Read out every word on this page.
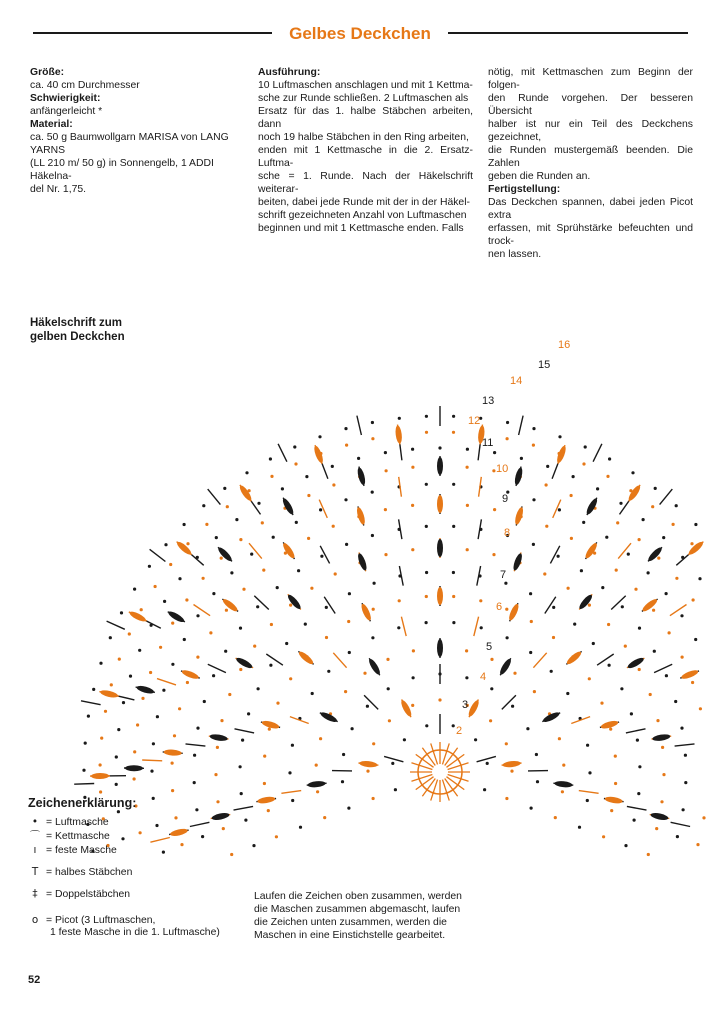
Gelbes Deckchen
Größe:
ca. 40 cm Durchmesser
Schwierigkeit:
anfängerleicht *
Material:
ca. 50 g Baumwollgarn MARISA von LANG YARNS
(LL 210 m/ 50 g) in Sonnengelb, 1 ADDI Häkelna-
del Nr. 1,75.
Ausführung:
10 Luftmaschen anschlagen und mit 1 Kettma-
sche zur Runde schließen. 2 Luftmaschen als
Ersatz für das 1. halbe Stäbchen arbeiten, dann
noch 19 halbe Stäbchen in den Ring arbeiten,
enden mit 1 Kettmasche in die 2. Ersatz-Luftma-
sche = 1. Runde. Nach der Häkelschrift weiterar-
beiten, dabei jede Runde mit der in der Häkel-
schrift gezeichneten Anzahl von Luftmaschen
beginnen und mit 1 Kettmasche enden. Falls
nötig, mit Kettmaschen zum Beginn der folgen-
den Runde vorgehen. Der besseren Übersicht
halber ist nur ein Teil des Deckchens gezeichnet,
die Runden mustergemäß beenden. Die Zahlen
geben die Runden an.
Fertigstellung:
Das Deckchen spannen, dabei jeden Picot extra
erfassen, mit Sprühstärke befeuchten und trock-
nen lassen.
Häkelschrift zum
gelben Deckchen
2
3
4
5
6
7
8
9
10
11
12
13
14
15
16
Zeichenerklärung:
• = Luftmasche
⌒ = Kettmasche
ı = feste Masche
T = halbes Stäbchen
‡ = Doppelstäbchen
o = Picot (3 Luftmaschen,
1 feste Masche in die 1. Luftmasche)
Laufen die Zeichen oben zusammen, werden
die Maschen zusammen abgemascht, laufen
die Zeichen unten zusammen, werden die
Maschen in eine Einstichstelle gearbeitet.
52
